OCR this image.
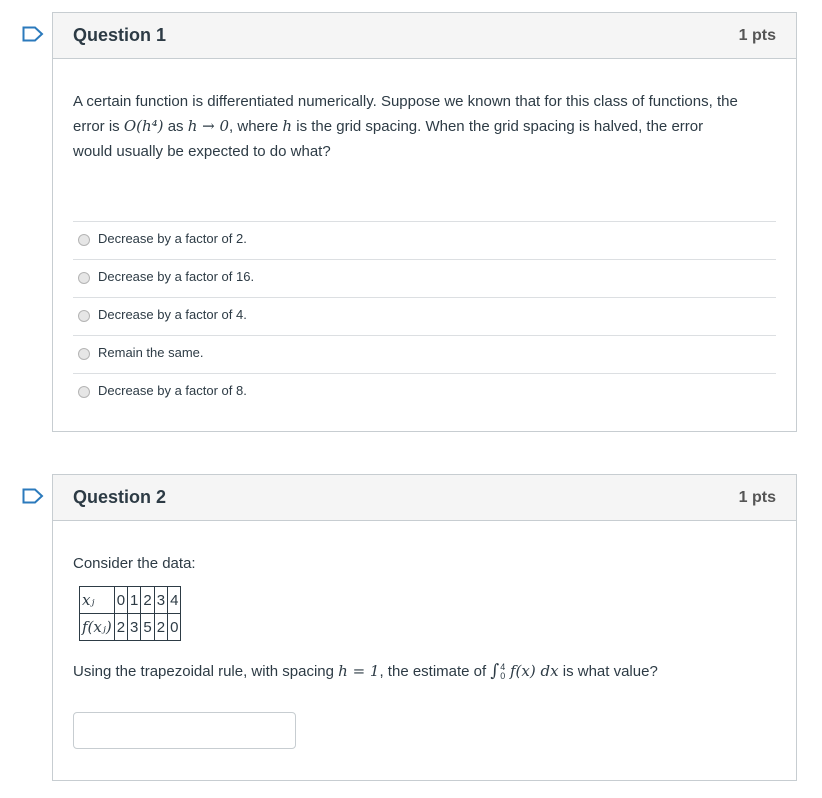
Question 1	1 pts
A certain function is differentiated numerically. Suppose we known that for this class of functions, the
error is O(h⁴) as h → 0, where h is the grid spacing. When the grid spacing is halved, the error
would usually be expected to do what?
Decrease by a factor of 2.
Decrease by a factor of 16.
Decrease by a factor of 4.
Remain the same.
Decrease by a factor of 8.
Question 2	1 pts
Consider the data:
xⱼ	0	1	2	3	4
f(xⱼ)	2	3	5	2	0
Using the trapezoidal rule, with spacing h = 1, the estimate of ∫ 4
0 f(x) dx is what value?
